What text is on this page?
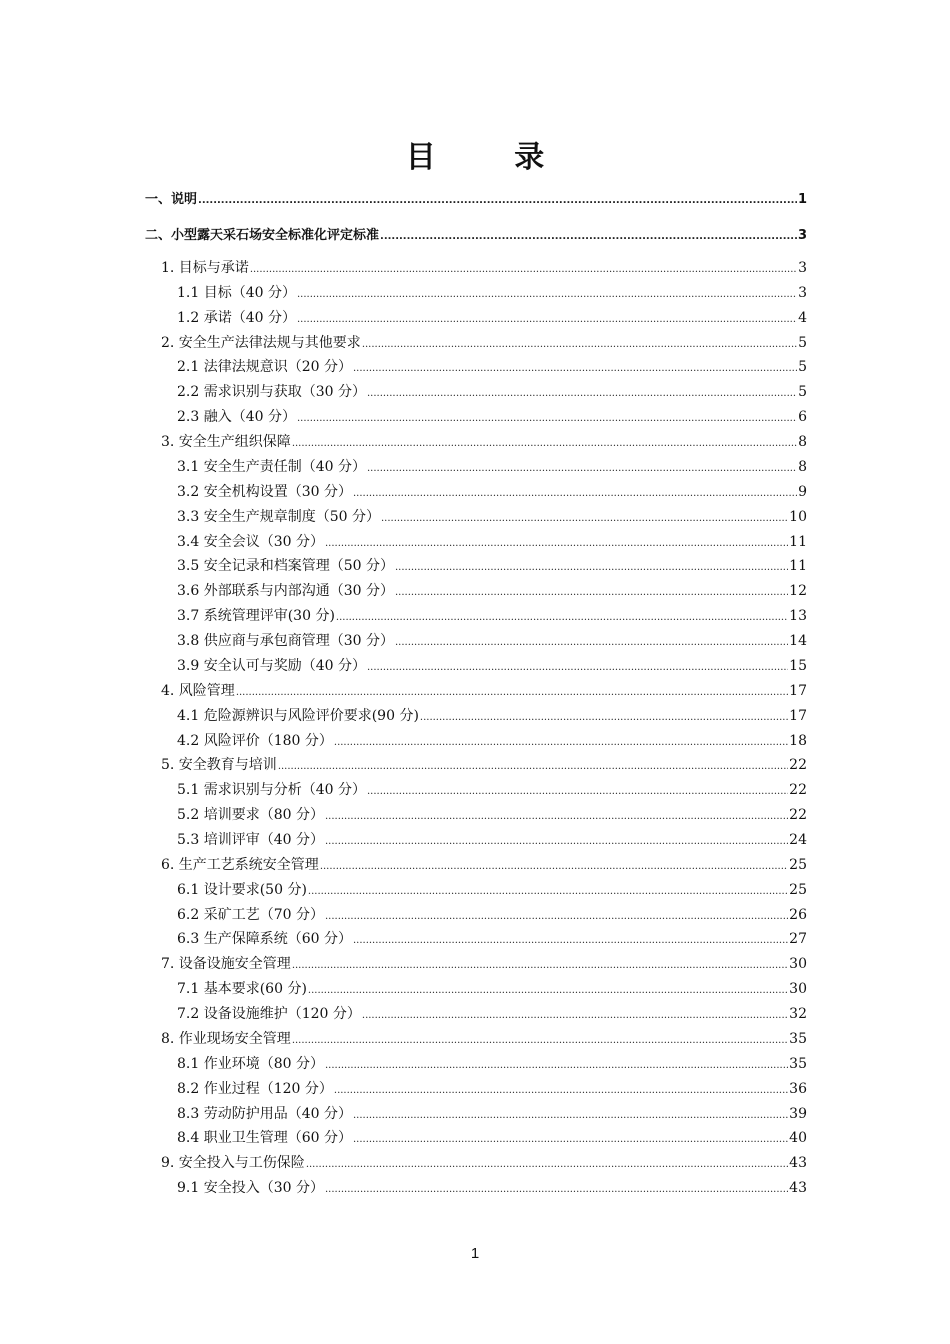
目 录
一、说明 .....	1
二、小型露天采石场安全标准化评定标准 .....	3
1. 目标与承诺 .....	3
1.1 目标（40 分） .....	3
1.2 承诺（40 分） .....	4
2. 安全生产法律法规与其他要求 .....	5
2.1 法律法规意识（20 分） .....	5
2.2 需求识别与获取（30 分） .....	5
2.3 融入（40 分） .....	6
3. 安全生产组织保障 .....	8
3.1 安全生产责任制（40 分） .....	8
3.2 安全机构设置（30 分） .....	9
3.3 安全生产规章制度（50 分） .....	10
3.4 安全会议（30 分） .....	11
3.5 安全记录和档案管理（50 分） .....	11
3.6 外部联系与内部沟通（30 分） .....	12
3.7 系统管理评审(30 分) .....	13
3.8 供应商与承包商管理（30 分） .....	14
3.9 安全认可与奖励（40 分） .....	15
4. 风险管理 .....	17
4.1 危险源辨识与风险评价要求(90 分) .....	17
4.2 风险评价（180 分） .....	18
5. 安全教育与培训 .....	22
5.1 需求识别与分析（40 分） .....	22
5.2 培训要求（80 分） .....	22
5.3 培训评审（40 分） .....	24
6. 生产工艺系统安全管理 .....	25
6.1 设计要求(50 分) .....	25
6.2 采矿工艺（70 分） .....	26
6.3 生产保障系统（60 分） .....	27
7. 设备设施安全管理 .....	30
7.1 基本要求(60 分) .....	30
7.2 设备设施维护（120 分） .....	32
8. 作业现场安全管理 .....	35
8.1 作业环境（80 分） .....	35
8.2 作业过程（120 分） .....	36
8.3 劳动防护用品（40 分） .....	39
8.4 职业卫生管理（60 分） .....	40
9. 安全投入与工伤保险 .....	43
9.1 安全投入（30 分） .....	43
1
